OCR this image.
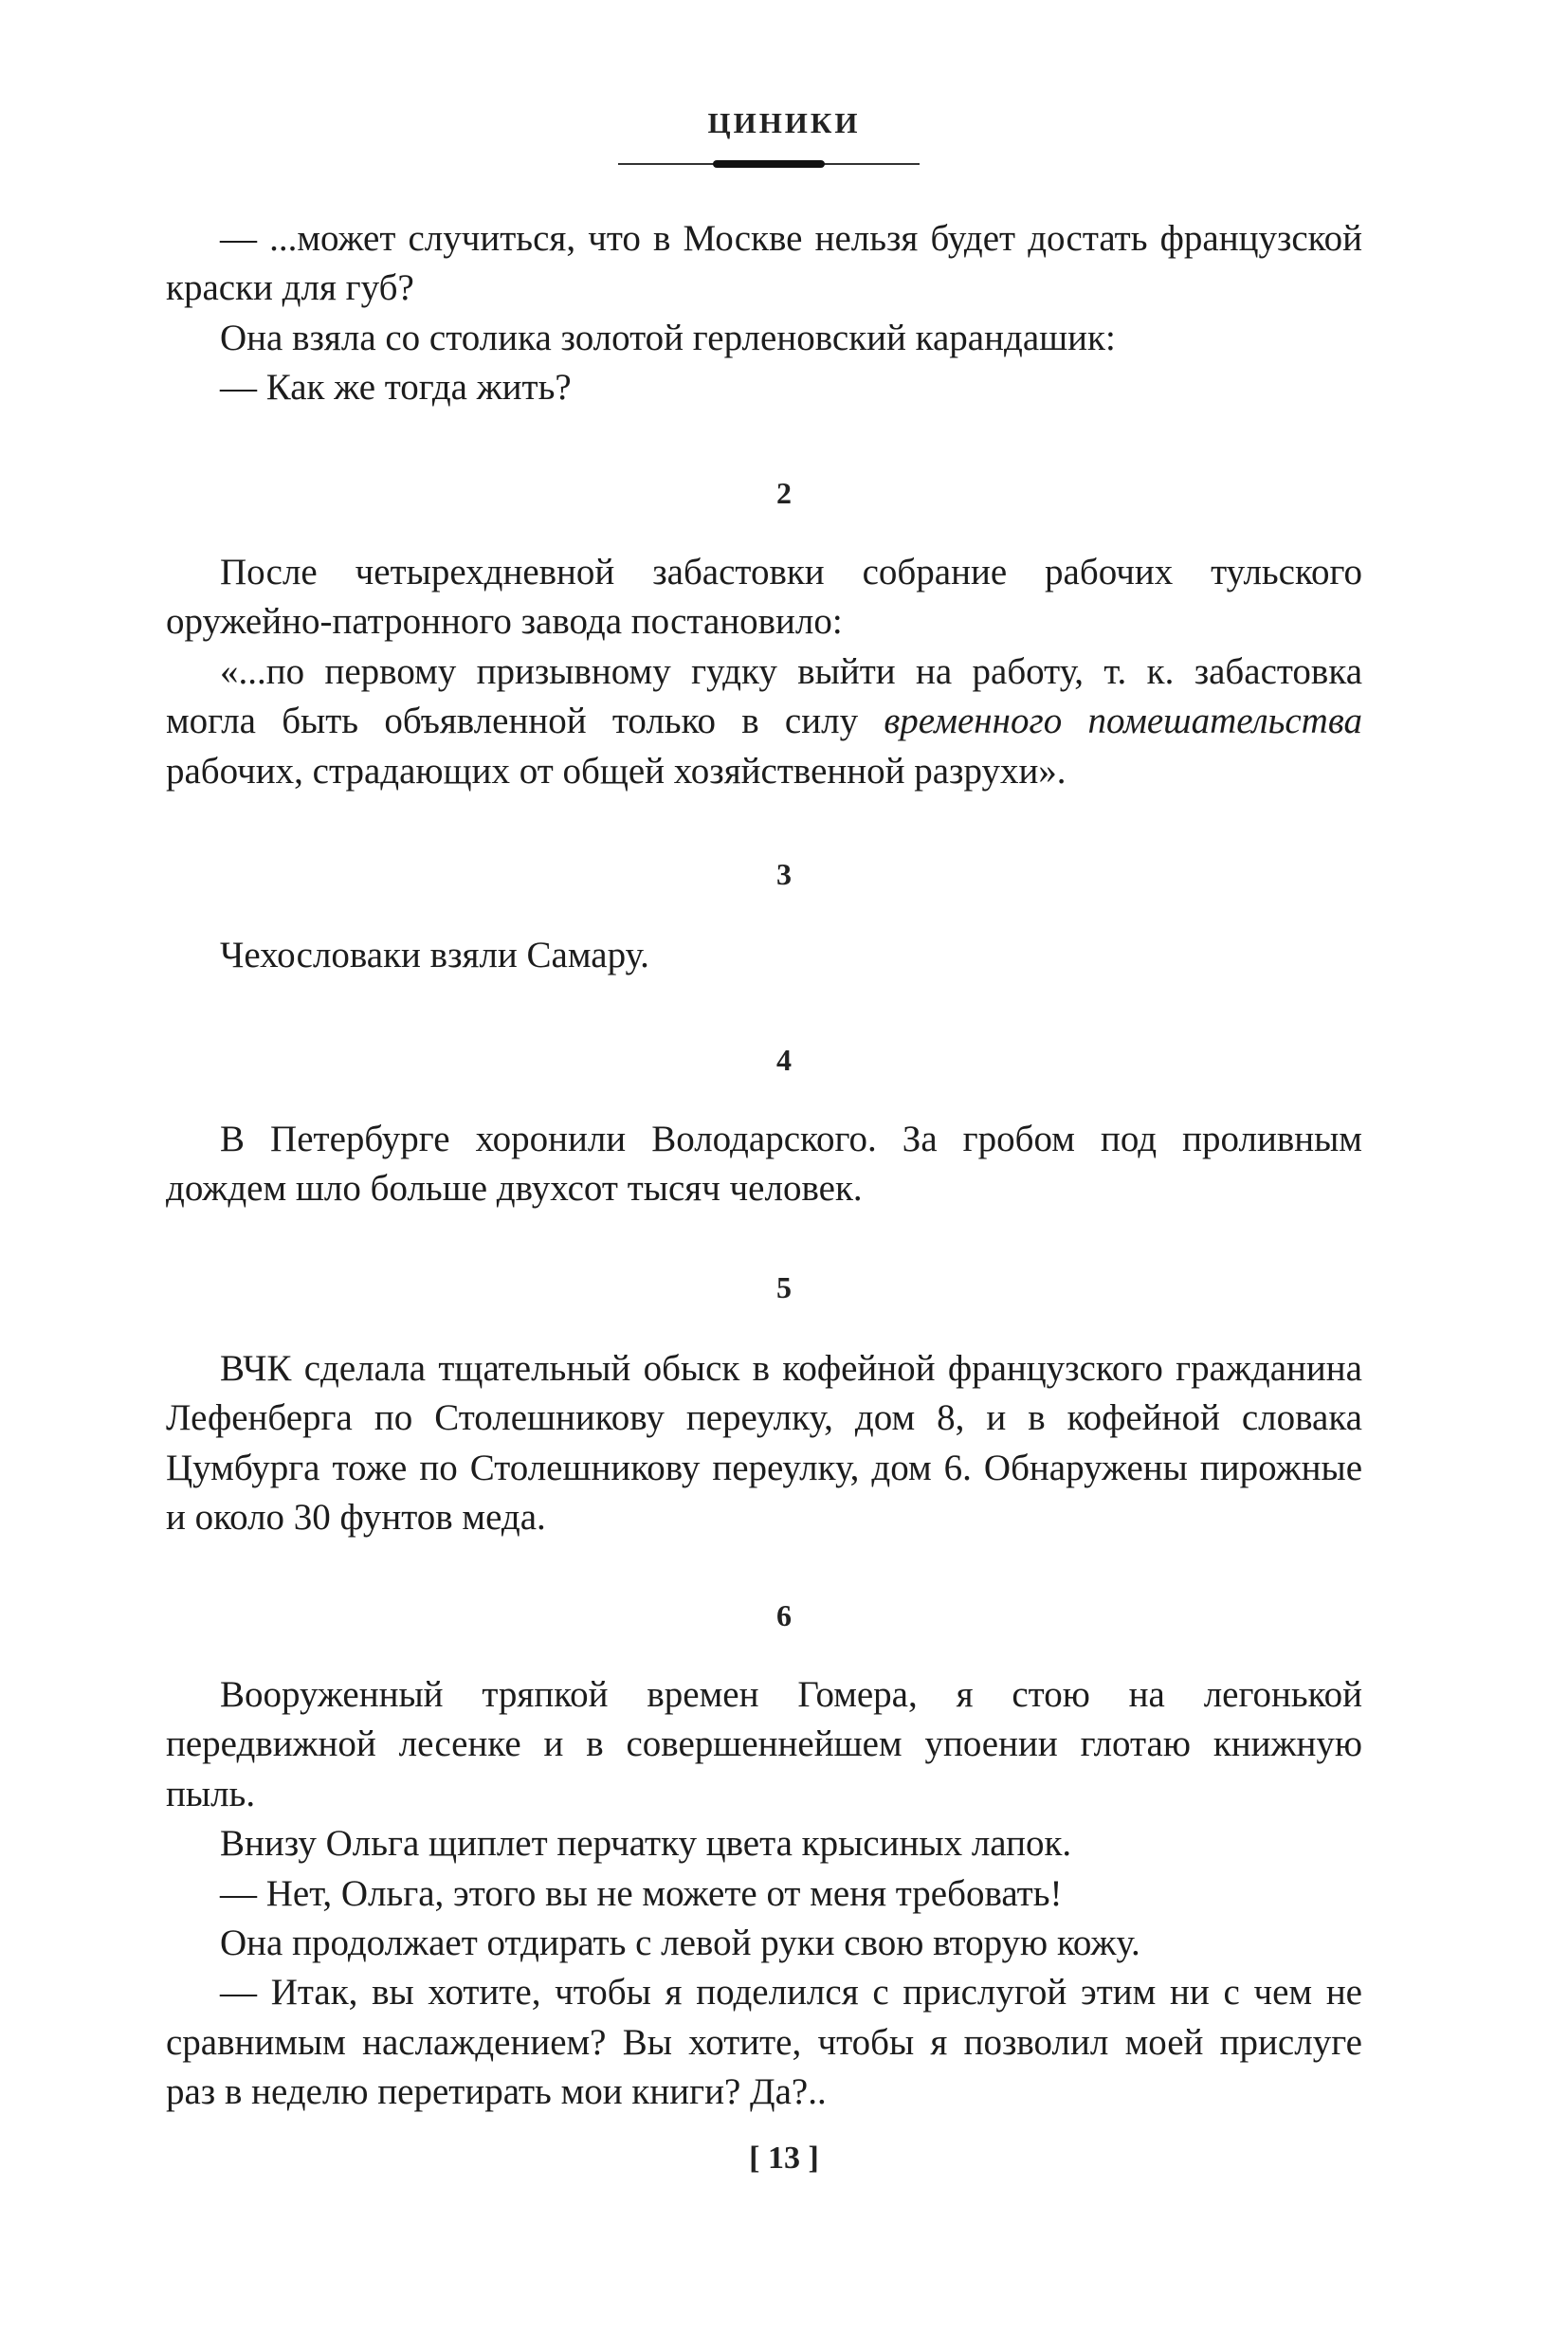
ЦИНИКИ

— ...может случиться, что в Москве нельзя будет достать французской краски для губ?

Она взяла со столика золотой герленовский карандашик:

— Как же тогда жить?

2

После четырехдневной забастовки собрание рабочих тульского оружейно-патронного завода постановило:

«...по первому призывному гудку выйти на работу, т. к. забастовка могла быть объявленной только в силу временного помешательства рабочих, страдающих от общей хозяйственной разрухи».

3

Чехословаки взяли Самару.

4

В Петербурге хоронили Володарского. За гробом под проливным дождем шло больше двухсот тысяч человек.

5

ВЧК сделала тщательный обыск в кофейной французского гражданина Лефенберга по Столешникову переулку, дом 8, и в кофейной словака Цумбурга тоже по Столешникову переулку, дом 6. Обнаружены пирожные и около 30 фунтов меда.

6

Вооруженный тряпкой времен Гомера, я стою на легонькой передвижной лесенке и в совершеннейшем упоении глотаю книжную пыль.

Внизу Ольга щиплет перчатку цвета крысиных лапок.

— Нет, Ольга, этого вы не можете от меня требовать!

Она продолжает отдирать с левой руки свою вторую кожу.

— Итак, вы хотите, чтобы я поделился с прислугой этим ни с чем не сравнимым наслаждением? Вы хотите, чтобы я позволил моей прислуге раз в неделю перетирать мои книги? Да?..

[ 13 ]
